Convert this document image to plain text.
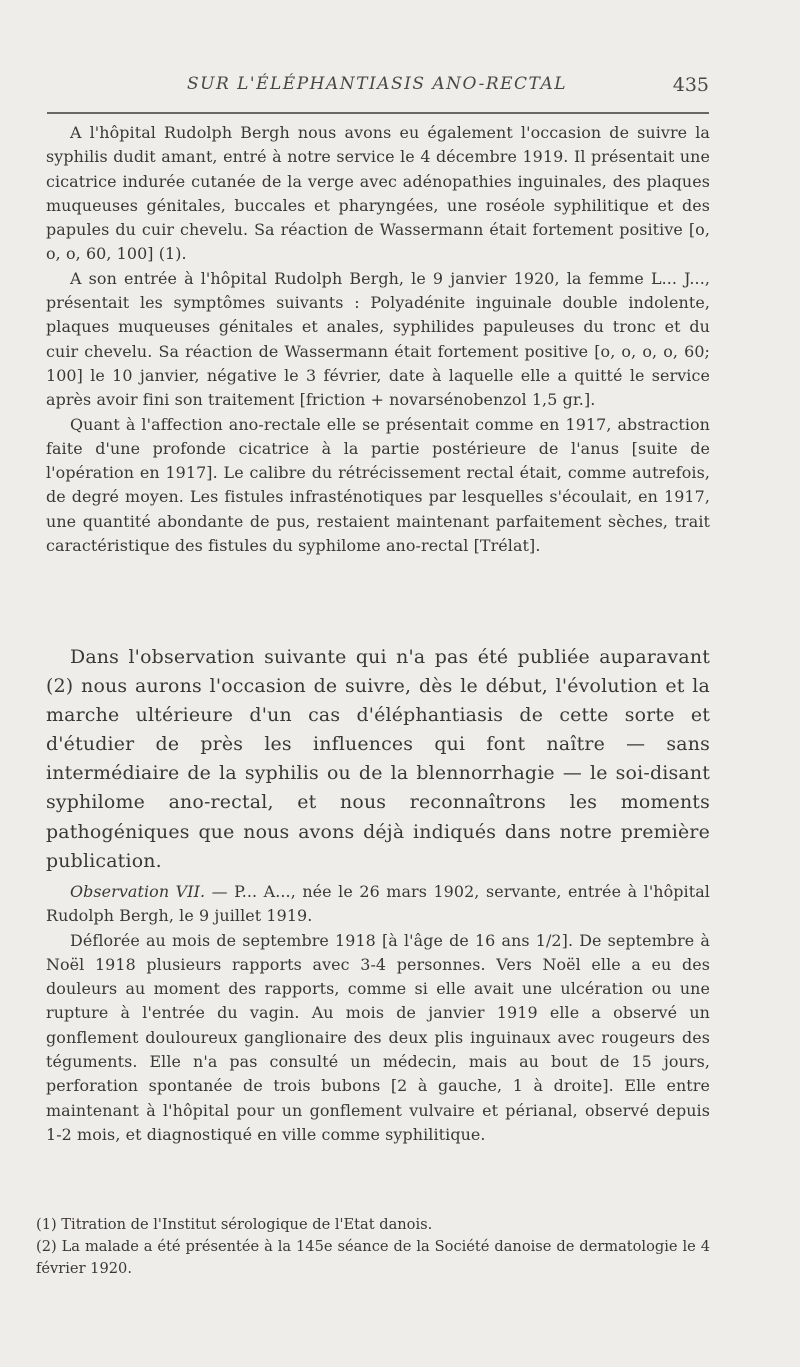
SUR L'ÉLÉPHANTIASIS ANO-RECTAL	435

A l'hôpital Rudolph Bergh nous avons eu également l'occasion de suivre la syphilis dudit amant, entré à notre service le 4 décembre 1919. Il présentait une cicatrice indurée cutanée de la verge avec adénopathies inguinales, des plaques muqueuses génitales, buccales et pharyngées, une roséole syphilitique et des papules du cuir chevelu. Sa réaction de Wassermann était fortement positive [o, o, o, 60, 100] (1).

A son entrée à l'hôpital Rudolph Bergh, le 9 janvier 1920, la femme L... J..., présentait les symptômes suivants : Polyadénite inguinale double indolente, plaques muqueuses génitales et anales, syphilides papuleuses du tronc et du cuir chevelu. Sa réaction de Wassermann était fortement positive [o, o, o, o, 60; 100] le 10 janvier, négative le 3 février, date à laquelle elle a quitté le service après avoir fini son traitement [friction + novarsénobenzol 1,5 gr.].

Quant à l'affection ano-rectale elle se présentait comme en 1917, abstraction faite d'une profonde cicatrice à la partie postérieure de l'anus [suite de l'opération en 1917]. Le calibre du rétrécissement rectal était, comme autrefois, de degré moyen. Les fistules infrasténotiques par lesquelles s'écoulait, en 1917, une quantité abondante de pus, restaient maintenant parfaitement sèches, trait caractéristique des fistules du syphilome ano-rectal [Trélat].

Dans l'observation suivante qui n'a pas été publiée auparavant (2) nous aurons l'occasion de suivre, dès le début, l'évolution et la marche ultérieure d'un cas d'éléphantiasis de cette sorte et d'étudier de près les influences qui font naître — sans intermédiaire de la syphilis ou de la blennorrhagie — le soi-disant syphilome ano-rectal, et nous reconnaîtrons les moments pathogéniques que nous avons déjà indiqués dans notre première publication.

Observation VII. — P... A..., née le 26 mars 1902, servante, entrée à l'hôpital Rudolph Bergh, le 9 juillet 1919.

Déflorée au mois de septembre 1918 [à l'âge de 16 ans 1/2]. De septembre à Noël 1918 plusieurs rapports avec 3-4 personnes. Vers Noël elle a eu des douleurs au moment des rapports, comme si elle avait une ulcération ou une rupture à l'entrée du vagin. Au mois de janvier 1919 elle a observé un gonflement douloureux ganglionaire des deux plis inguinaux avec rougeurs des téguments. Elle n'a pas consulté un médecin, mais au bout de 15 jours, perforation spontanée de trois bubons [2 à gauche, 1 à droite]. Elle entre maintenant à l'hôpital pour un gonflement vulvaire et périanal, observé depuis 1-2 mois, et diagnostiqué en ville comme syphilitique.

(1) Titration de l'Institut sérologique de l'Etat danois.

(2) La malade a été présentée à la 145e séance de la Société danoise de dermatologie le 4 février 1920.
